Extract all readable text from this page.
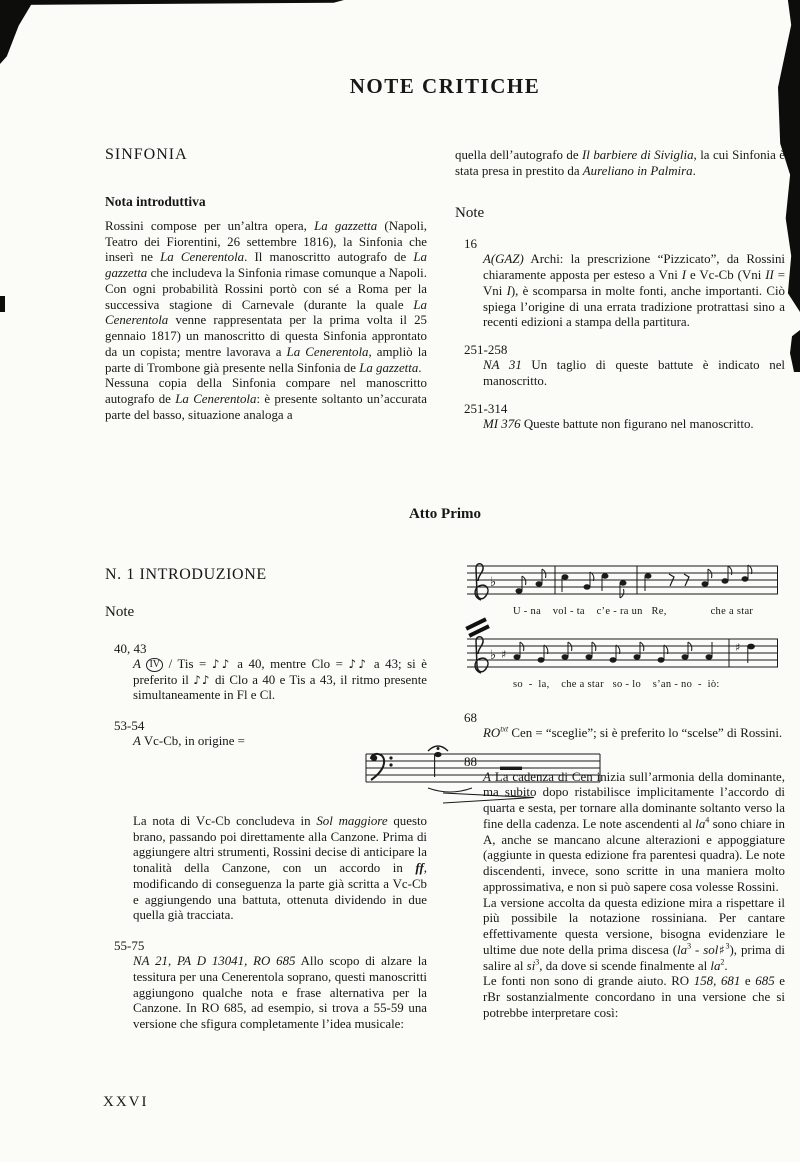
NOTE CRITICHE
SINFONIA
Nota introduttiva
Rossini compose per un’altra opera, La gazzetta (Napoli, Teatro dei Fiorentini, 26 settembre 1816), la Sinfonia che inserì ne La Cenerentola. Il manoscritto autografo de La gazzetta che includeva la Sinfonia rimase comunque a Napoli. Con ogni probabilità Rossini portò con sé a Roma per la successiva stagione di Carnevale (durante la quale La Cenerentola venne rappresentata per la prima volta il 25 gennaio 1817) un manoscritto di questa Sinfonia approntato da un copista; mentre lavorava a La Cenerentola, ampliò la parte di Trombone già presente nella Sinfonia de La gazzetta.
Nessuna copia della Sinfonia compare nel manoscritto autografo de La Cenerentola: è presente soltanto un’accurata parte del basso, situazione analoga a
quella dell’autografo de Il barbiere di Siviglia, la cui Sinfonia è stata presa in prestito da Aureliano in Palmira.
Note
16
A(GAZ) Archi: la prescrizione “Pizzicato”, da Rossini chiaramente apposta per esteso a Vni I e Vc-Cb (Vni II = Vni I), è scomparsa in molte fonti, anche importanti. Ciò spiega l’origine di una errata tradizione protrattasi sino a recenti edizioni a stampa della partitura.
251-258
NA 31 Un taglio di queste battute è indicato nel manoscritto.
251-314
MI 376 Queste battute non figurano nel manoscritto.
Atto Primo
N. 1 INTRODUZIONE
Note
40, 43
A IV / Tis = ♪♪ a 40, mentre Clo = ♪♪ a 43; si è preferito il ♪♪ di Clo a 40 e Tis a 43, il ritmo presente simultaneamente in Fl e Cl.
53-54
A Vc-Cb, in origine =
La nota di Vc-Cb concludeva in Sol maggiore questo brano, passando poi direttamente alla Canzone. Prima di aggiungere altri strumenti, Rossini decise di anticipare la tonalità della Canzone, con un accordo in ff, modificando di conseguenza la parte già scritta a Vc-Cb e aggiungendo una battuta, ottenuta dividendo in due quella già tracciata.
55-75
NA 21, PA D 13041, RO 685 Allo scopo di alzare la tessitura per una Cenerentola soprano, questi manoscritti aggiungono qualche nota e frase alternativa per la Canzone. In RO 685, ad esempio, si trova a 55-59 una versione che sfigura completamente l’idea musicale:
♭
U - na    vol - ta    c’e - ra un   Re,               che a star
♭ ♯
♯
so  -  la,    che a star   so - lo    s’an - no  -  iò:
68
$RO^{txt}$ Cen = “sceglie”; si è preferito lo “scelse” di Rossini.
88
A La cadenza di Cen inizia sull’armonia della dominante, ma subito dopo ristabilisce implicitamente l’accordo di quarta e sesta, per tornare alla dominante soltanto verso la fine della cadenza. Le note ascendenti al $la^4$ sono chiare in A, anche se mancano alcune alterazioni e appoggiature (aggiunte in questa edizione fra parentesi quadra). Le note discendenti, invece, sono scritte in una maniera molto approssimativa, e non si può sapere cosa volesse Rossini.
La versione accolta da questa edizione mira a rispettare il più possibile la notazione rossiniana. Per cantare effettivamente questa versione, bisogna evidenziare le ultime due note della prima discesa ($la^3$ - sol♯$^3$), prima di salire al $si^3$, da dove si scende finalmente al $la^2$.
Le fonti non sono di grande aiuto. RO 158, 681 e 685 e rBr sostanzialmente concordano in una versione che si potrebbe interpretare così:
XXVI
